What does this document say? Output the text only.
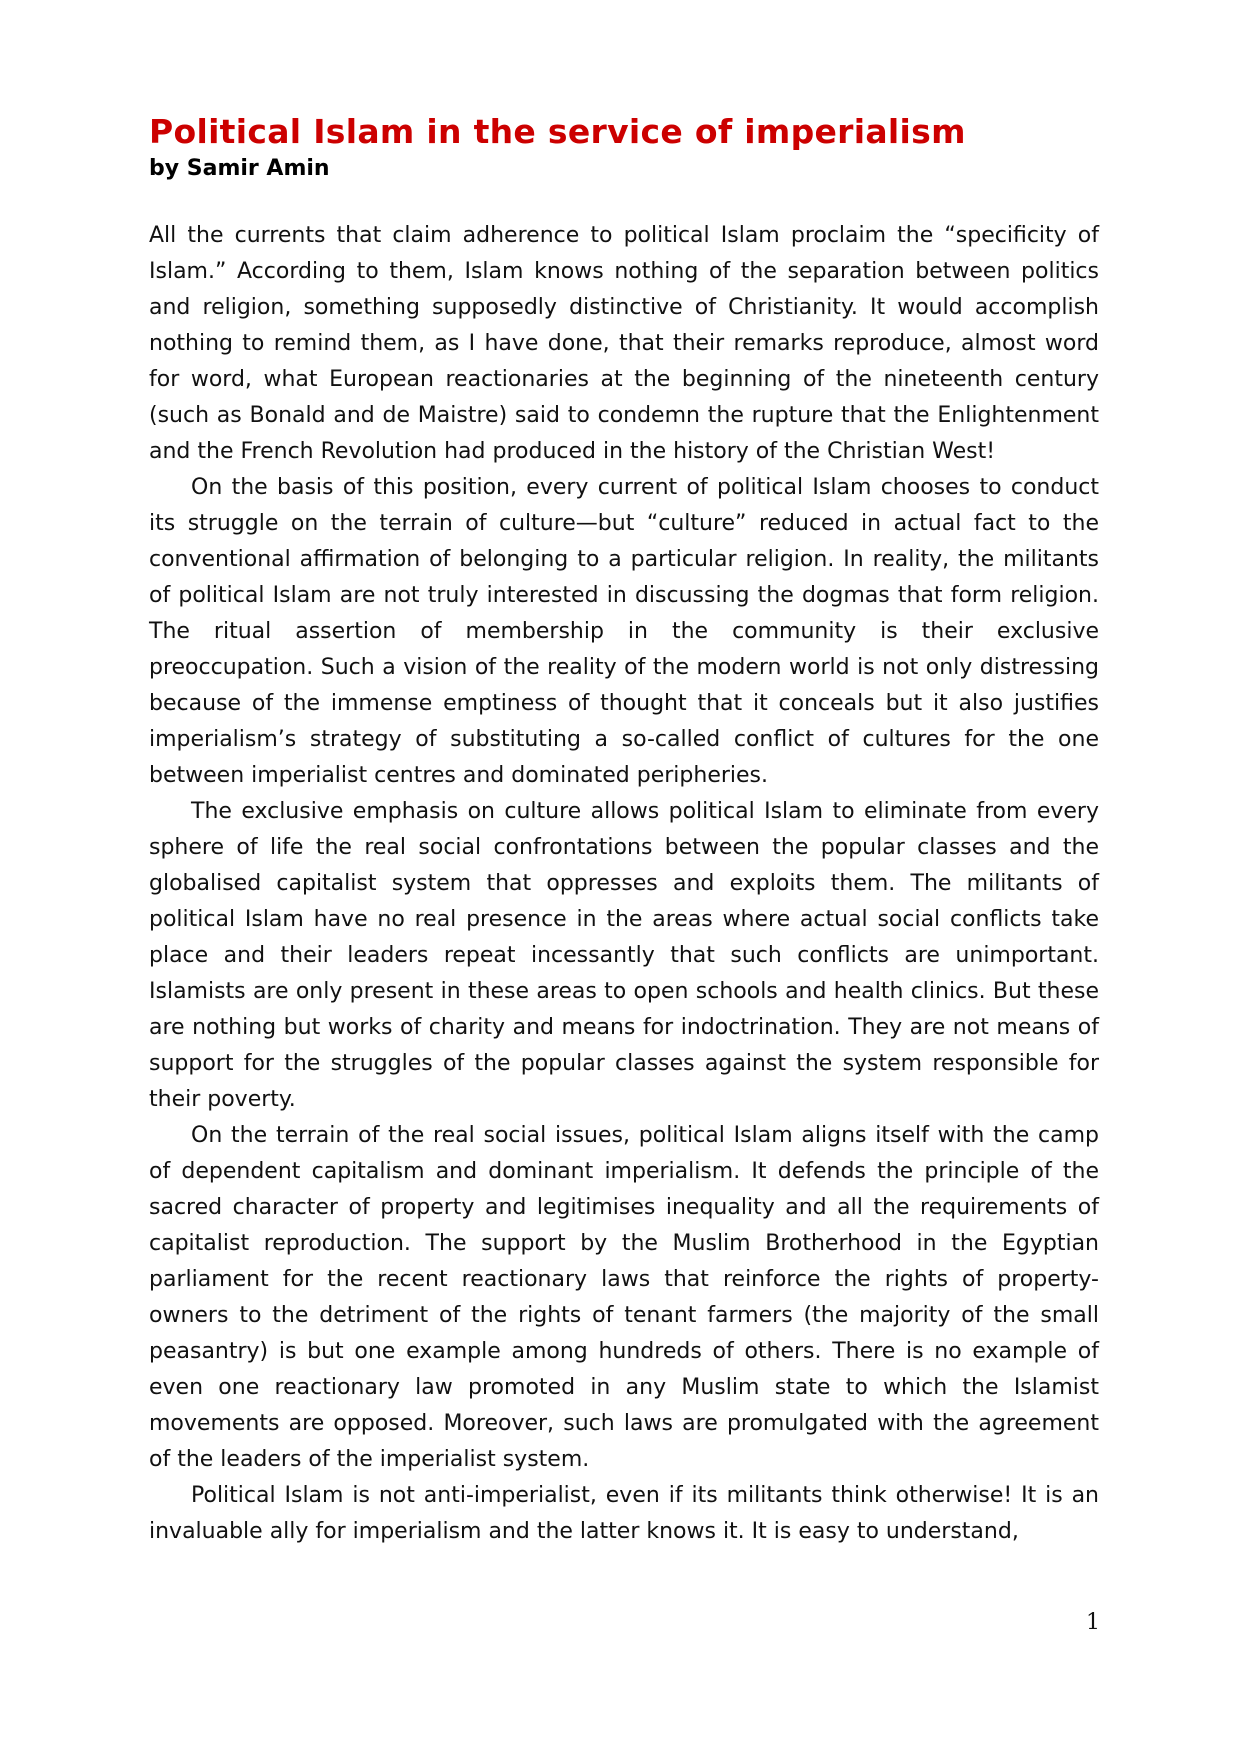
Political Islam in the service of imperialism
by Samir Amin

All the currents that claim adherence to political Islam proclaim the “specificity of Islam.” According to them, Islam knows nothing of the separation between politics and religion, something supposedly distinctive of Christianity. It would accomplish nothing to remind them, as I have done, that their remarks reproduce, almost word for word, what European reactionaries at the beginning of the nineteenth century (such as Bonald and de Maistre) said to condemn the rupture that the Enlightenment and the French Revolution had produced in the history of the Christian West!

On the basis of this position, every current of political Islam chooses to conduct its struggle on the terrain of culture—but “culture” reduced in actual fact to the conventional affirmation of belonging to a particular religion. In reality, the militants of political Islam are not truly interested in discussing the dogmas that form religion. The ritual assertion of membership in the community is their exclusive preoccupation. Such a vision of the reality of the modern world is not only distressing because of the immense emptiness of thought that it conceals but it also justifies imperialism’s strategy of substituting a so-called conflict of cultures for the one between imperialist centres and dominated peripheries.

The exclusive emphasis on culture allows political Islam to eliminate from every sphere of life the real social confrontations between the popular classes and the globalised capitalist system that oppresses and exploits them. The militants of political Islam have no real presence in the areas where actual social conflicts take place and their leaders repeat incessantly that such conflicts are unimportant. Islamists are only present in these areas to open schools and health clinics. But these are nothing but works of charity and means for indoctrination. They are not means of support for the struggles of the popular classes against the system responsible for their poverty.

On the terrain of the real social issues, political Islam aligns itself with the camp of dependent capitalism and dominant imperialism. It defends the principle of the sacred character of property and legitimises inequality and all the requirements of capitalist reproduction. The support by the Muslim Brotherhood in the Egyptian parliament for the recent reactionary laws that reinforce the rights of property-owners to the detriment of the rights of tenant farmers (the majority of the small peasantry) is but one example among hundreds of others. There is no example of even one reactionary law promoted in any Muslim state to which the Islamist movements are opposed. Moreover, such laws are promulgated with the agreement of the leaders of the imperialist system.

Political Islam is not anti-imperialist, even if its militants think otherwise! It is an invaluable ally for imperialism and the latter knows it. It is easy to understand,

1
